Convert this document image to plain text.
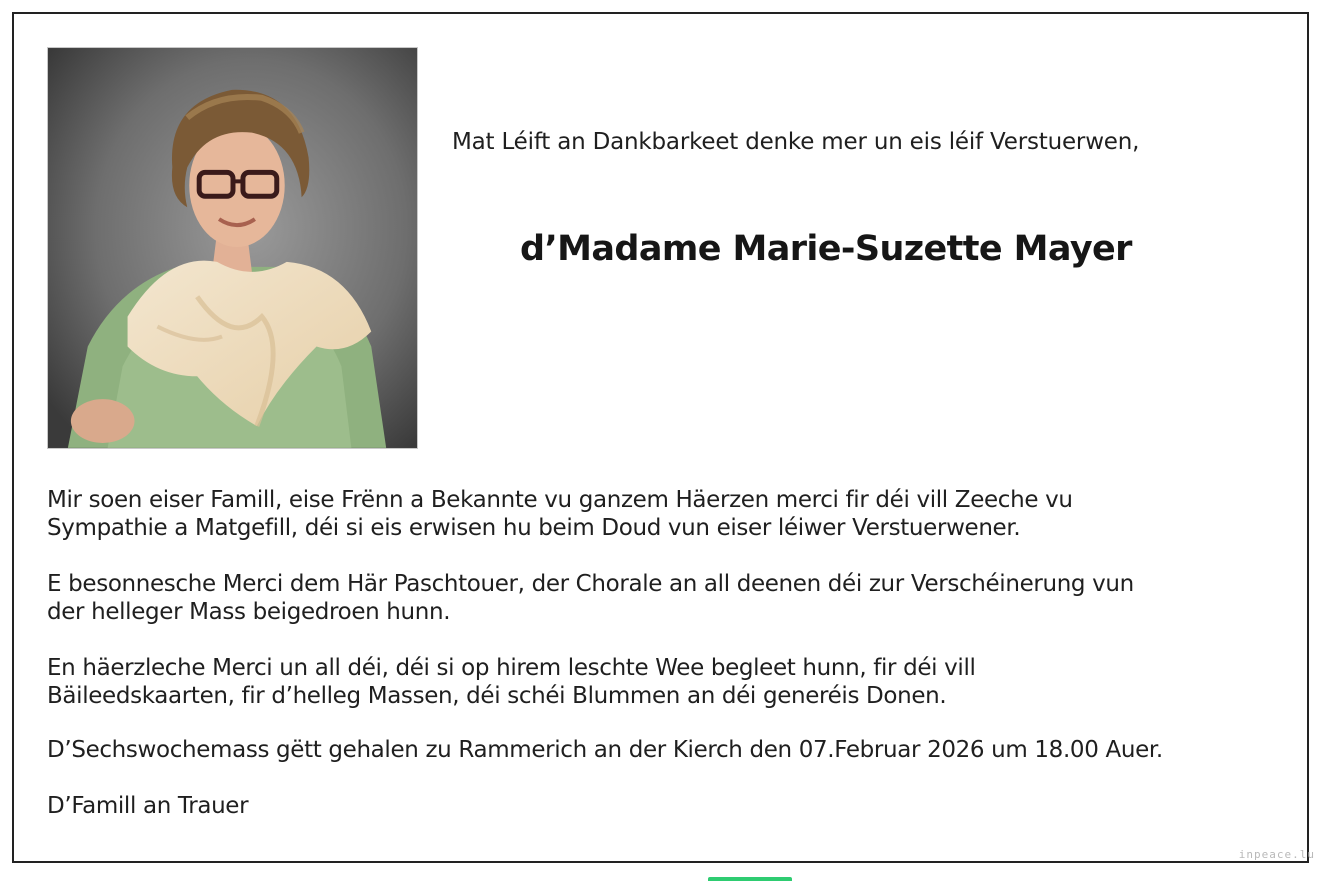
Mat Léift an Dankbarkeet denke mer un eis léif Verstuerwen,
d’Madame Marie-Suzette Mayer
Mir soen eiser Famill, eise Frënn a Bekannte vu ganzem Häerzen merci fir déi vill Zeeche vu
Sympathie a Matgefill, déi si eis erwisen hu beim Doud vun eiser léiwer Verstuerwener.
E besonnesche Merci dem Här Paschtouer, der Chorale an all deenen déi zur Verschéinerung vun
der helleger Mass beigedroen hunn.
En häerzleche Merci un all déi, déi si op hirem leschte Wee begleet hunn, fir déi vill
Bäileedskaarten, fir d’helleg Massen, déi schéi Blummen an déi generéis Donen.
D’Sechswochemass gëtt gehalen zu Rammerich an der Kierch den 07.Februar 2026 um 18.00 Auer.
D’Famill an Trauer
inpeace.lu
